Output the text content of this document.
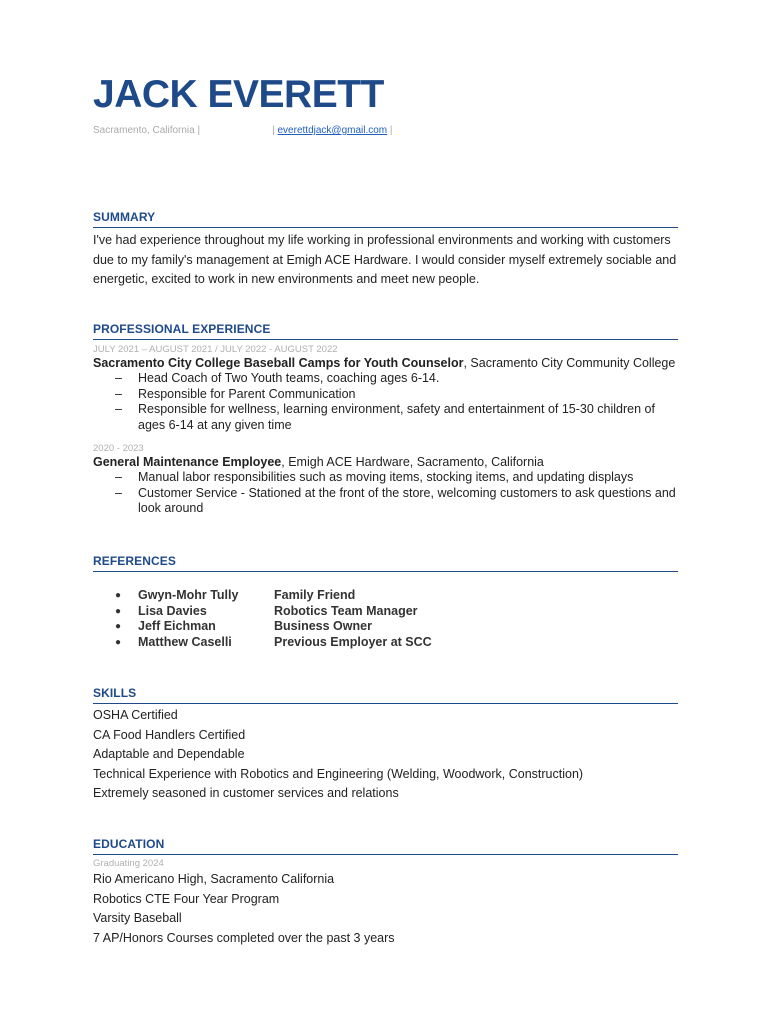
JACK EVERETT
Sacramento, California |	| everettdjack@gmail.com |
SUMMARY
I've had experience throughout my life working in professional environments and working with customers due to my family's management at Emigh ACE Hardware. I would consider myself extremely sociable and energetic, excited to work in new environments and meet new people.
PROFESSIONAL EXPERIENCE
JULY 2021 – AUGUST 2021 / JULY 2022 - AUGUST 2022
Sacramento City College Baseball Camps for Youth Counselor, Sacramento City Community College
– Head Coach of Two Youth teams, coaching ages 6-14.
– Responsible for Parent Communication
– Responsible for wellness, learning environment, safety and entertainment of 15-30 children of ages 6-14 at any given time
2020 - 2023
General Maintenance Employee, Emigh ACE Hardware, Sacramento, California
– Manual labor responsibilities such as moving items, stocking items, and updating displays
– Customer Service - Stationed at the front of the store, welcoming customers to ask questions and look around
REFERENCES
●	Gwyn-Mohr Tully	Family Friend
●	Lisa Davies	Robotics Team Manager
●	Jeff Eichman	Business Owner
●	Matthew Caselli	Previous Employer at SCC
SKILLS
OSHA Certified
CA Food Handlers Certified
Adaptable and Dependable
Technical Experience with Robotics and Engineering (Welding, Woodwork, Construction)
Extremely seasoned in customer services and relations
EDUCATION
Graduating 2024
Rio Americano High, Sacramento California
Robotics CTE Four Year Program
Varsity Baseball
7 AP/Honors Courses completed over the past 3 years
